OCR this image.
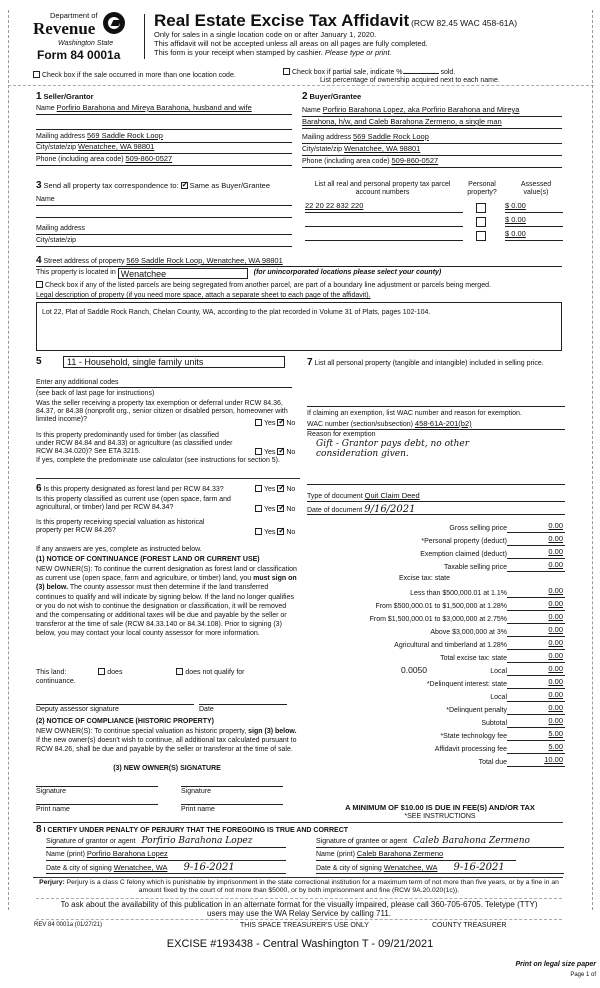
Department of
Revenue
Washington State
Form 84 0001a
Real Estate Excise Tax Affidavit (RCW 82.45 WAC 458-61A)
Only for sales in a single location code on or after January 1, 2020.
This affidavit will not be accepted unless all areas on all pages are fully completed.
This form is your receipt when stamped by cashier. Please type or print.
Check box if the sale occurred in more than one location code.	Check box if partial sale, indicate %	sold.
List percentage of ownership acquired next to each name.
1 Seller/Grantor
Name Porfirio Barahona and Mireya Barahona, husband and wife
Mailing address 569 Saddle Rock Loop
City/state/zip Wenatchee, WA 98801
Phone (including area code) 509-860-0527
2 Buyer/Grantee
Name Porfirio Barahona Lopez, aka Porfirio Barahona and Mireya
Barahona, h/w, and Caleb Barahona Zermeno, a single man
Mailing address 569 Saddle Rock Loop
City/state/zip Wenatchee, WA 98801
Phone (including area code) 509-860-0527
3 Send all property tax correspondence to: ✓ Same as Buyer/Grantee
Name
Mailing address
City/state/zip
List all real and personal property tax parcel account numbers
Personal property?
Assessed value(s)
22 20 22 832 220	$ 0.00
$ 0.00
$ 0.00
4 Street address of property 569 Saddle Rock Loop, Wenatchee, WA 98801
This property is located in Wenatchee	(for unincorporated locations please select your county)
Check box if any of the listed parcels are being segregated from another parcel, are part of a boundary line adjustment or parcels being merged.
Legal description of property (if you need more space, attach a separate sheet to each page of the affidavit).
Lot 22, Plat of Saddle Rock Ranch, Chelan County, WA, according to the plat recorded in Volume 31 of Plats, pages 102-104.
5	11 - Household, single family units
Enter any additional codes
(see back of last page for instructions)
Was the seller receiving a property tax exemption or deferral under RCW 84.36, 84.37, or 84.38 (nonprofit org., senior citizen or disabled person, homeowner with limited income)?
Yes ✓ No
Is this property predominantly used for timber (as classified under RCW 84.84 and 84.33) or agriculture (as classified under RCW 84.34.020)? See ETA 3215.	Yes ✓ No
If yes, complete the predominate use calculator (see instructions for section 5).
6 Is this property designated as forest land per RCW 84.33?	Yes ✓ No
Is this property classified as current use (open space, farm and agricultural, or timber) land per RCW 84.34?	Yes ✓ No
Is this property receiving special valuation as historical property per RCW 84.26?	Yes ✓ No
If any answers are yes, complete as instructed below.
(1) NOTICE OF CONTINUANCE (FOREST LAND OR CURRENT USE)
NEW OWNER(S): To continue the current designation as forest land or classification as current use (open space, farm and agriculture, or timber) land, you must sign on (3) below. The county assessor must then determine if the land transferred continues to qualify and will indicate by signing below. If the land no longer qualifies or you do not wish to continue the designation or classification, it will be removed and the compensating or additional taxes will be due and payable by the seller or transferor at the time of sale (RCW 84.33.140 or 84.34.108). Prior to signing (3) below, you may contact your local county assessor for more information.
This land:	does	does not qualify for
continuance.
Deputy assessor signature	Date
(2) NOTICE OF COMPLIANCE (HISTORIC PROPERTY)
NEW OWNER(S): To continue special valuation as historic property, sign (3) below. If the new owner(s) doesn't wish to continue, all additional tax calculated pursuant to RCW 84.26, shall be due and payable by the seller or transferor at the time of sale.
(3) NEW OWNER(S) SIGNATURE
Signature	Signature
Print name	Print name
7 List all personal property (tangible and intangible) included in selling price.
If claiming an exemption, list WAC number and reason for exemption.
WAC number (section/subsection) 458-61A-201(b2)
Reason for exemption
Gift - Grantor pays debt, no other
consideration given.
Type of document Quit Claim Deed
Date of document 9/16/2021
Gross selling price	0.00
*Personal property (deduct)	0.00
Exemption claimed (deduct)	0.00
Taxable selling price	0.00
Excise tax: state
Less than $500,000.01 at 1.1%	0.00
From $500,000.01 to $1,500,000 at 1.28%	0.00
From $1,500,000.01 to $3,000,000 at 2.75%	0.00
Above $3,000,000 at 3%	0.00
Agricultural and timberland at 1.28%	0.00
Total excise tax: state	0.00
0.0050	Local	0.00
*Delinquent interest: state	0.00
Local	0.00
*Delinquent penalty	0.00
Subtotal	0.00
*State technology fee	5.00
Affidavit processing fee	5.00
Total due	10.00
A MINIMUM OF $10.00 IS DUE IN FEE(S) AND/OR TAX
*SEE INSTRUCTIONS
8 I CERTIFY UNDER PENALTY OF PERJURY THAT THE FOREGOING IS TRUE AND CORRECT
Signature of grantor or agent Porfirio Barahona Lopez
Name (print) Porfirio Barahona Lopez
Date & city of signing Wenatchee, WA 9-16-2021
Signature of grantee or agent Caleb Barahona Zermeno
Name (print) Caleb Barahona Zermeno
Date & city of signing Wenatchee, WA 9-16-2021
Perjury: Perjury is a class C felony which is punishable by imprisonment in the state correctional institution for a maximum term of not more than five years, or by a fine in an amount fixed by the court of not more than $5000, or by both imprisonment and fine (RCW 9A.20.020(1c)).
To ask about the availability of this publication in an alternate format for the visually impaired, please call 360-705-6705. Teletype (TTY) users may use the WA Relay Service by calling 711.
REV 84 0001a (01/27/21)	THIS SPACE TREASURER'S USE ONLY	COUNTY TREASURER
EXCISE #193438 - Central Washington T - 09/21/2021
Print on legal size paper
Page 1 of
